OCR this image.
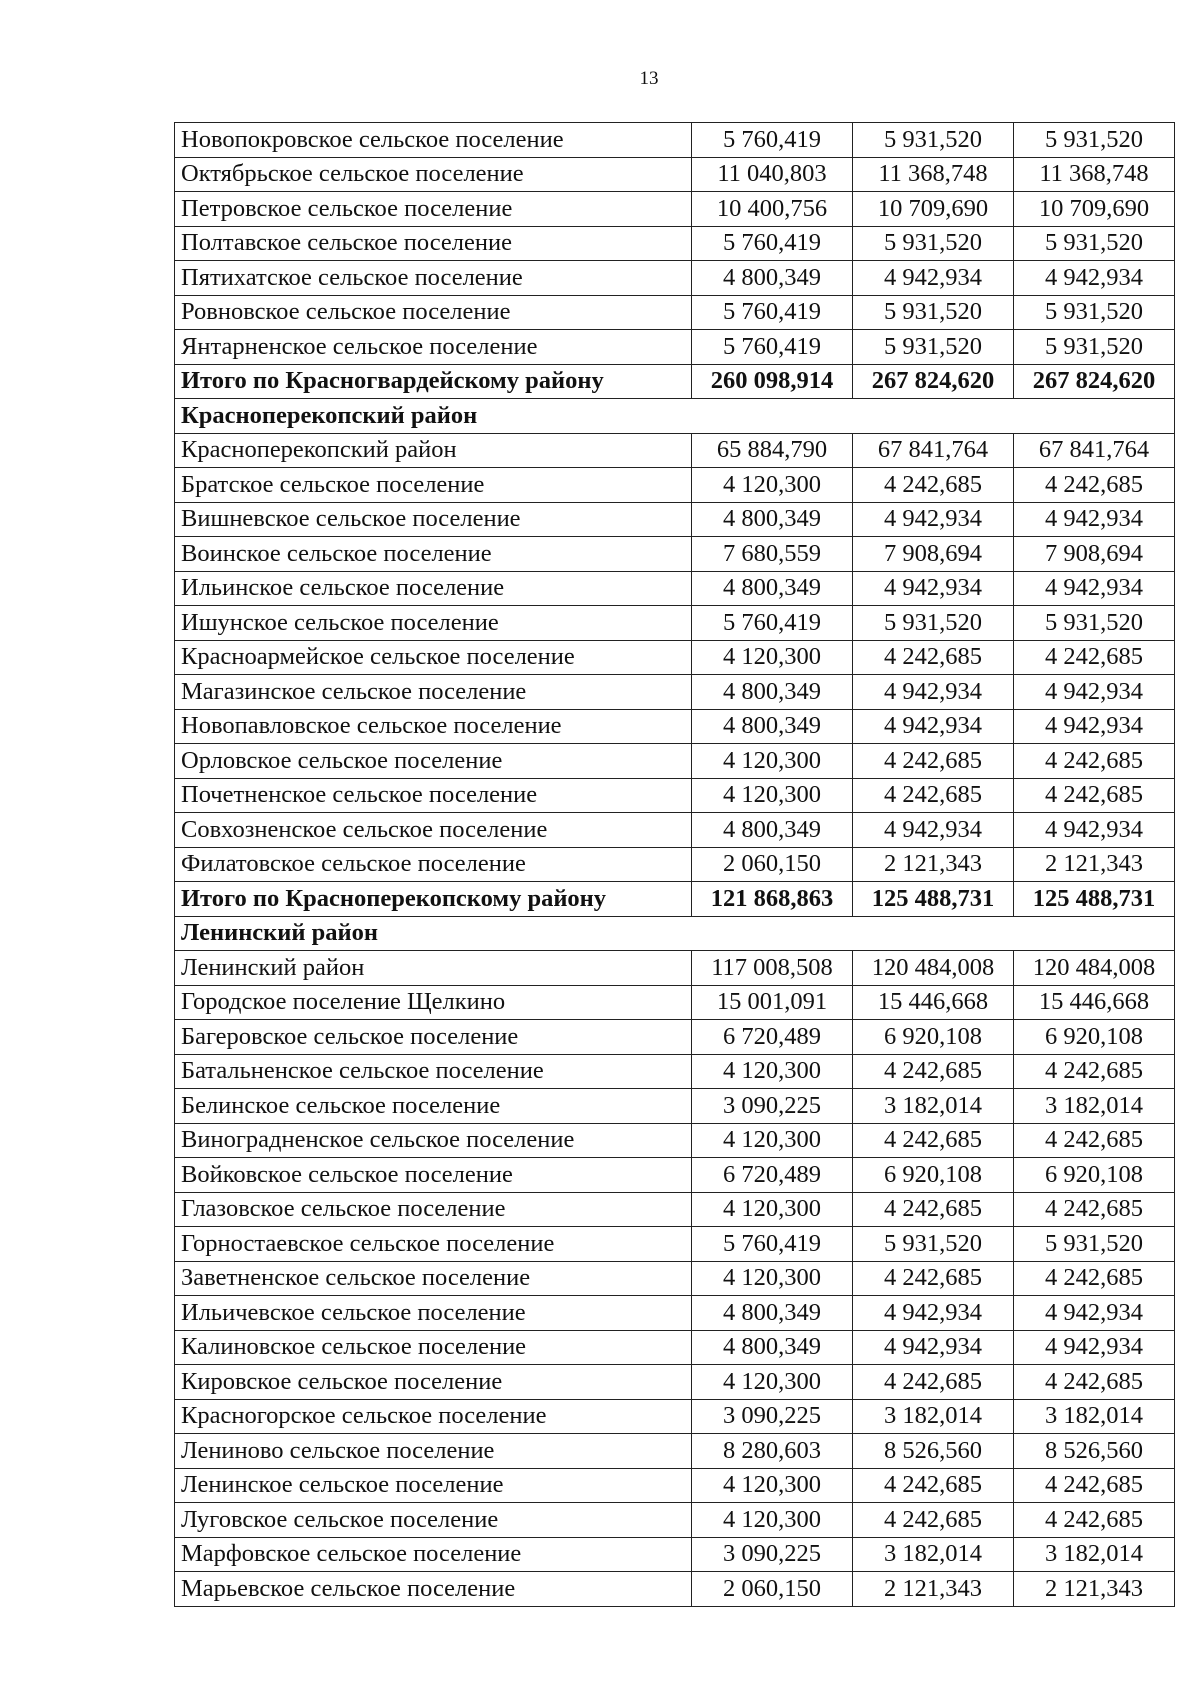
13
Новопокровское сельское поселение	5 760,419	5 931,520	5 931,520
Октябрьское сельское поселение	11 040,803	11 368,748	11 368,748
Петровское сельское поселение	10 400,756	10 709,690	10 709,690
Полтавское сельское поселение	5 760,419	5 931,520	5 931,520
Пятихатское сельское поселение	4 800,349	4 942,934	4 942,934
Ровновское сельское поселение	5 760,419	5 931,520	5 931,520
Янтарненское сельское поселение	5 760,419	5 931,520	5 931,520
Итого по Красногвардейскому району	260 098,914	267 824,620	267 824,620
Красноперекопский район			
Красноперекопский район	65 884,790	67 841,764	67 841,764
Братское сельское поселение	4 120,300	4 242,685	4 242,685
Вишневское сельское поселение	4 800,349	4 942,934	4 942,934
Воинское сельское поселение	7 680,559	7 908,694	7 908,694
Ильинское сельское поселение	4 800,349	4 942,934	4 942,934
Ишунское сельское поселение	5 760,419	5 931,520	5 931,520
Красноармейское сельское поселение	4 120,300	4 242,685	4 242,685
Магазинское сельское поселение	4 800,349	4 942,934	4 942,934
Новопавловское сельское поселение	4 800,349	4 942,934	4 942,934
Орловское сельское поселение	4 120,300	4 242,685	4 242,685
Почетненское сельское поселение	4 120,300	4 242,685	4 242,685
Совхозненское сельское поселение	4 800,349	4 942,934	4 942,934
Филатовское сельское поселение	2 060,150	2 121,343	2 121,343
Итого по Красноперекопскому району	121 868,863	125 488,731	125 488,731
Ленинский район			
Ленинский район	117 008,508	120 484,008	120 484,008
Городское поселение Щелкино	15 001,091	15 446,668	15 446,668
Багеровское сельское поселение	6 720,489	6 920,108	6 920,108
Батальненское сельское поселение	4 120,300	4 242,685	4 242,685
Белинское сельское поселение	3 090,225	3 182,014	3 182,014
Виноградненское сельское поселение	4 120,300	4 242,685	4 242,685
Войковское сельское поселение	6 720,489	6 920,108	6 920,108
Глазовское сельское поселение	4 120,300	4 242,685	4 242,685
Горностаевское сельское поселение	5 760,419	5 931,520	5 931,520
Заветненское сельское поселение	4 120,300	4 242,685	4 242,685
Ильичевское сельское поселение	4 800,349	4 942,934	4 942,934
Калиновское сельское поселение	4 800,349	4 942,934	4 942,934
Кировское сельское поселение	4 120,300	4 242,685	4 242,685
Красногорское сельское поселение	3 090,225	3 182,014	3 182,014
Лениново сельское поселение	8 280,603	8 526,560	8 526,560
Ленинское сельское поселение	4 120,300	4 242,685	4 242,685
Луговское сельское поселение	4 120,300	4 242,685	4 242,685
Марфовское сельское поселение	3 090,225	3 182,014	3 182,014
Марьевское сельское поселение	2 060,150	2 121,343	2 121,343
